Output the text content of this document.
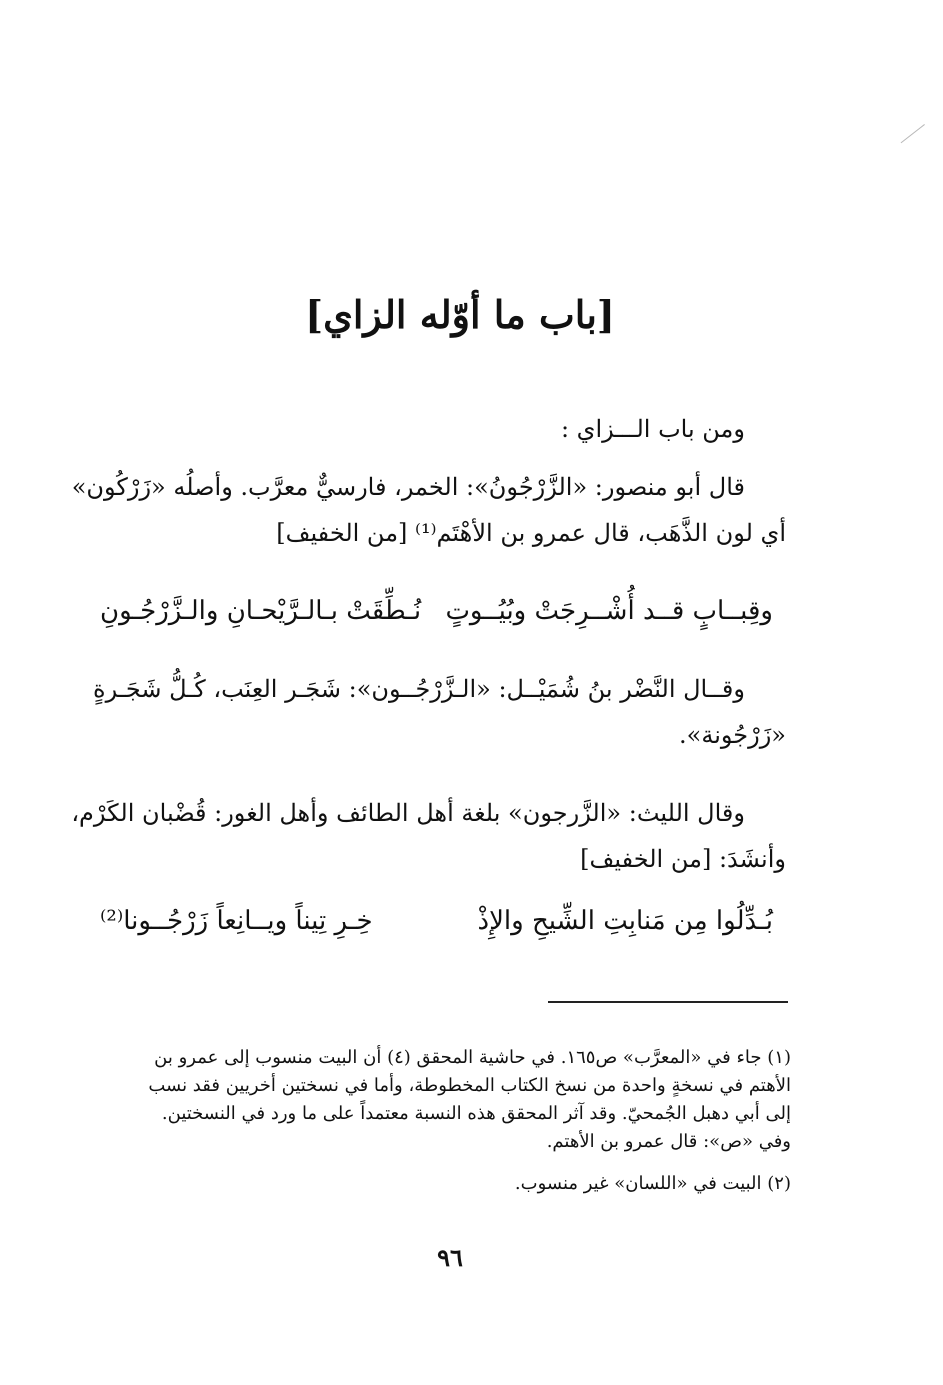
[باب ما أوّله الزاي]
ومن باب الـــزاي :
قال أبو منصور: «الزَّرْجُونُ»: الخمر، فارسيٌّ معرَّب. وأصلُه «زَرْكُون»
أي لون الذَّهَب، قال عمرو بن الأهْتَم⁽¹⁾ [من الخفيف]
وقِبــابٍ قــد أُشْــرِجَتْ وبُيُــوتٍ
نُـطِّقَتْ بـالـرَّيْحـانِ والـزَّرْجُـونِ
وقــال النَّضْر بنُ شُمَيْــل: «الـزَّرْجُــون»: شَجَـر العِنَب، كُـلُّ شَجَـرةٍ
«زَرْجُونة».
وقال الليث: «الزَّرجون» بلغة أهل الطائف وأهل الغور: قُضْبان الكَرْم،
وأنشَدَ: [من الخفيف]
بُـدِّلُوا مِن مَنابِتِ الشِّيحِ والإِذْ
خِـرِ تِيناً ويــانِعاً زَرْجُــونا⁽²⁾
(١) جاء في «المعرَّب» ص١٦٥. في حاشية المحقق (٤) أن البيت منسوب إلى عمرو بن
الأهتم في نسخةٍ واحدة من نسخ الكتاب المخطوطة، وأما في نسختين أخريين فقد نسب
إلى أبي دهبل الجُمحيّ. وقد آثر المحقق هذه النسبة معتمداً على ما ورد في النسختين.
وفي «ص»: قال عمرو بن الأهتم.
(٢) البيت في «اللسان» غير منسوب.
٩٦
